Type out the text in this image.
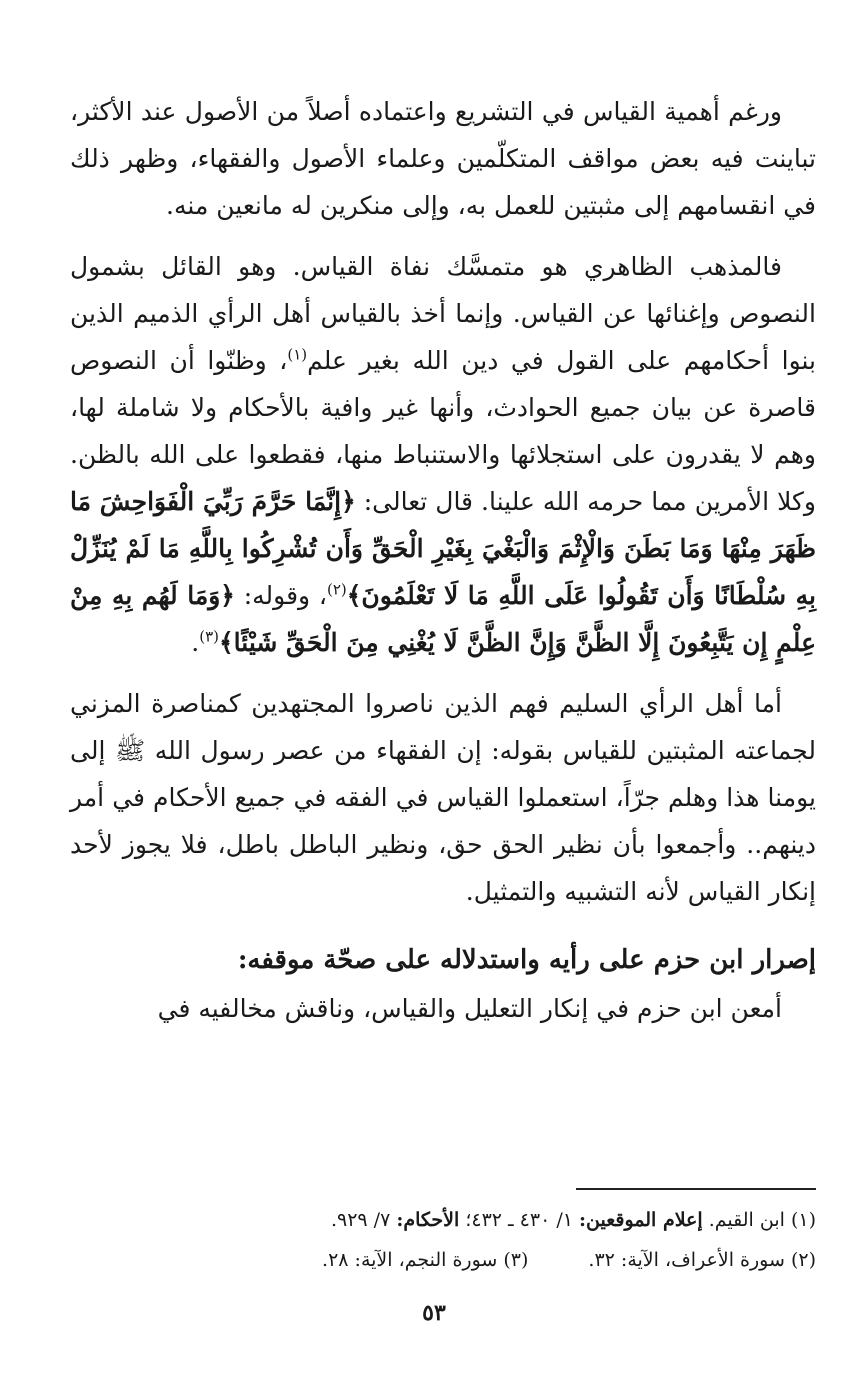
ورغم أهمية القياس في التشريع واعتماده أصلاً من الأصول عند الأكثر، تباينت فيه بعض مواقف المتكلّمين وعلماء الأصول والفقهاء، وظهر ذلك في انقسامهم إلى مثبتين للعمل به، وإلى منكرين له مانعين منه.

فالمذهب الظاهري هو متمسَّك نفاة القياس. وهو القائل بشمول النصوص وإغنائها عن القياس. وإنما أخذ بالقياس أهل الرأي الذميم الذين بنوا أحكامهم على القول في دين الله بغير علم$^{(١)}$، وظنّوا أن النصوص قاصرة عن بيان جميع الحوادث، وأنها غير وافية بالأحكام ولا شاملة لها، وهم لا يقدرون على استجلائها والاستنباط منها، فقطعوا على الله بالظن. وكلا الأمرين مما حرمه الله علينا. قال تعالى: ﴿إِنَّمَا حَرَّمَ رَبِّيَ الْفَوَاحِشَ مَا ظَهَرَ مِنْهَا وَمَا بَطَنَ وَالْإِثْمَ وَالْبَغْيَ بِغَيْرِ الْحَقِّ وَأَن تُشْرِكُوا بِاللَّهِ مَا لَمْ يُنَزِّلْ بِهِ سُلْطَانًا وَأَن تَقُولُوا عَلَى اللَّهِ مَا لَا تَعْلَمُونَ﴾$^{(٢)}$، وقوله: ﴿وَمَا لَهُم بِهِ مِنْ عِلْمٍ إِن يَتَّبِعُونَ إِلَّا الظَّنَّ وَإِنَّ الظَّنَّ لَا يُغْنِي مِنَ الْحَقِّ شَيْئًا﴾$^{(٣)}$.

أما أهل الرأي السليم فهم الذين ناصروا المجتهدين كمناصرة المزني لجماعته المثبتين للقياس بقوله: إن الفقهاء من عصر رسول الله ﷺ إلى يومنا هذا وهلم جرّاً، استعملوا القياس في الفقه في جميع الأحكام في أمر دينهم.. وأجمعوا بأن نظير الحق حق، ونظير الباطل باطل، فلا يجوز لأحد إنكار القياس لأنه التشبيه والتمثيل.

إصرار ابن حزم على رأيه واستدلاله على صحّة موقفه:

أمعن ابن حزم في إنكار التعليل والقياس، وناقش مخالفيه في

(١) ابن القيم. إعلام الموقعين: ١/ ٤٣٠ ـ ٤٣٢؛ الأحكام: ٧/ ٩٢٩.
(٢) سورة الأعراف، الآية: ٣٢.
(٣) سورة النجم، الآية: ٢٨.
٥٣
